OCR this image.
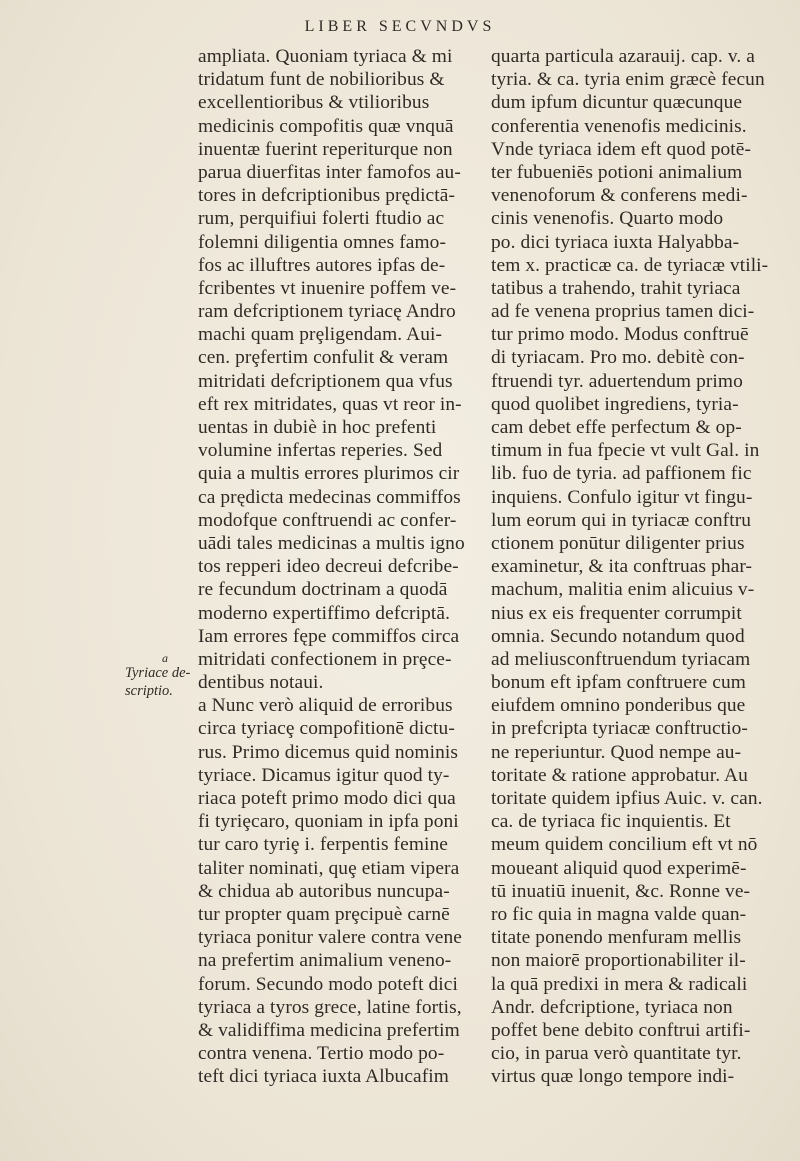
LIBER SECVNDVS
a
Tyriace de-
scriptio.
ampliata. Quoniam tyriaca & mi
tridatum funt de nobilioribus &
excellentioribus & vtilioribus
medicinis compofitis quæ vnquā
inuentæ fuerint reperiturque non
parua diuerfitas inter famofos au-
tores in defcriptionibus prędictā-
rum, perquifiui folerti ftudio ac
folemni diligentia omnes famo-
fos ac illuftres autores ipfas de-
fcribentes vt inuenire poffem ve-
ram defcriptionem tyriacę Andro
machi quam prȩligendam. Aui-
cen. prȩfertim confulit & veram
mitridati defcriptionem qua vfus
eft rex mitridates, quas vt reor in-
uentas in dubiè in hoc prefenti
volumine infertas reperies. Sed
quia a multis errores plurimos cir
ca prędicta medecinas commiffos
modofque conftruendi ac confer-
uādi tales medicinas a multis igno
tos repperi ideo decreui defcribe-
re fecundum doctrinam a quodā
moderno expertiffimo defcriptā.
Iam errores fępe commiffos circa
mitridati confectionem in prȩce-
dentibus notaui.
a Nunc verò aliquid de erroribus
circa tyriacȩ compofitionē dictu-
rus. Primo dicemus quid nominis
tyriace. Dicamus igitur quod ty-
riaca poteft primo modo dici qua
fi tyriȩcaro, quoniam in ipfa poni
tur caro tyriȩ i. ferpentis femine
taliter nominati, quȩ etiam vipera
& chidua ab autoribus nuncupa-
tur propter quam prȩcipuè carnē
tyriaca ponitur valere contra vene
na prefertim animalium veneno-
forum. Secundo modo poteft dici
tyriaca a tyros grece, latine fortis,
& validiffima medicina prefertim
contra venena. Tertio modo po-
teft dici tyriaca iuxta Albucafim
quarta particula azarauij. cap. v. a
tyria. & ca. tyria enim græcè fecun
dum ipfum dicuntur quæcunque
conferentia venenofis medicinis.
Vnde tyriaca idem eft quod potē-
ter fubueniēs potioni animalium
venenoforum & conferens medi-
cinis venenofis. Quarto modo
po. dici tyriaca iuxta Halyabba-
tem x. practicæ ca. de tyriacæ vtili-
tatibus a trahendo, trahit tyriaca
ad fe venena proprius tamen dici-
tur primo modo. Modus conftruē
di tyriacam. Pro mo. debitè con-
ftruendi tyr. aduertendum primo
quod quolibet ingrediens, tyria-
cam debet effe perfectum & op-
timum in fua fpecie vt vult Gal. in
lib. fuo de tyria. ad paffionem fic
inquiens. Confulo igitur vt fingu-
lum eorum qui in tyriacæ conftru
ctionem ponūtur diligenter prius
examinetur, & ita conftruas phar-
machum, malitia enim alicuius v-
nius ex eis frequenter corrumpit
omnia. Secundo notandum quod
ad meliusconftruendum tyriacam
bonum eft ipfam conftruere cum
eiufdem omnino ponderibus que
in prefcripta tyriacæ conftructio-
ne reperiuntur. Quod nempe au-
toritate & ratione approbatur. Au
toritate quidem ipfius Auic. v. can.
ca. de tyriaca fic inquientis. Et
meum quidem concilium eft vt nō
moueant aliquid quod experimē-
tū inuatiū inuenit, &c. Ronne ve-
ro fic quia in magna valde quan-
titate ponendo menfuram mellis
non maiorē proportionabiliter il-
la quā predixi in mera & radicali
Andr. defcriptione, tyriaca non
poffet bene debito conftrui artifi-
cio, in parua verò quantitate tyr.
virtus quæ longo tempore indi-
